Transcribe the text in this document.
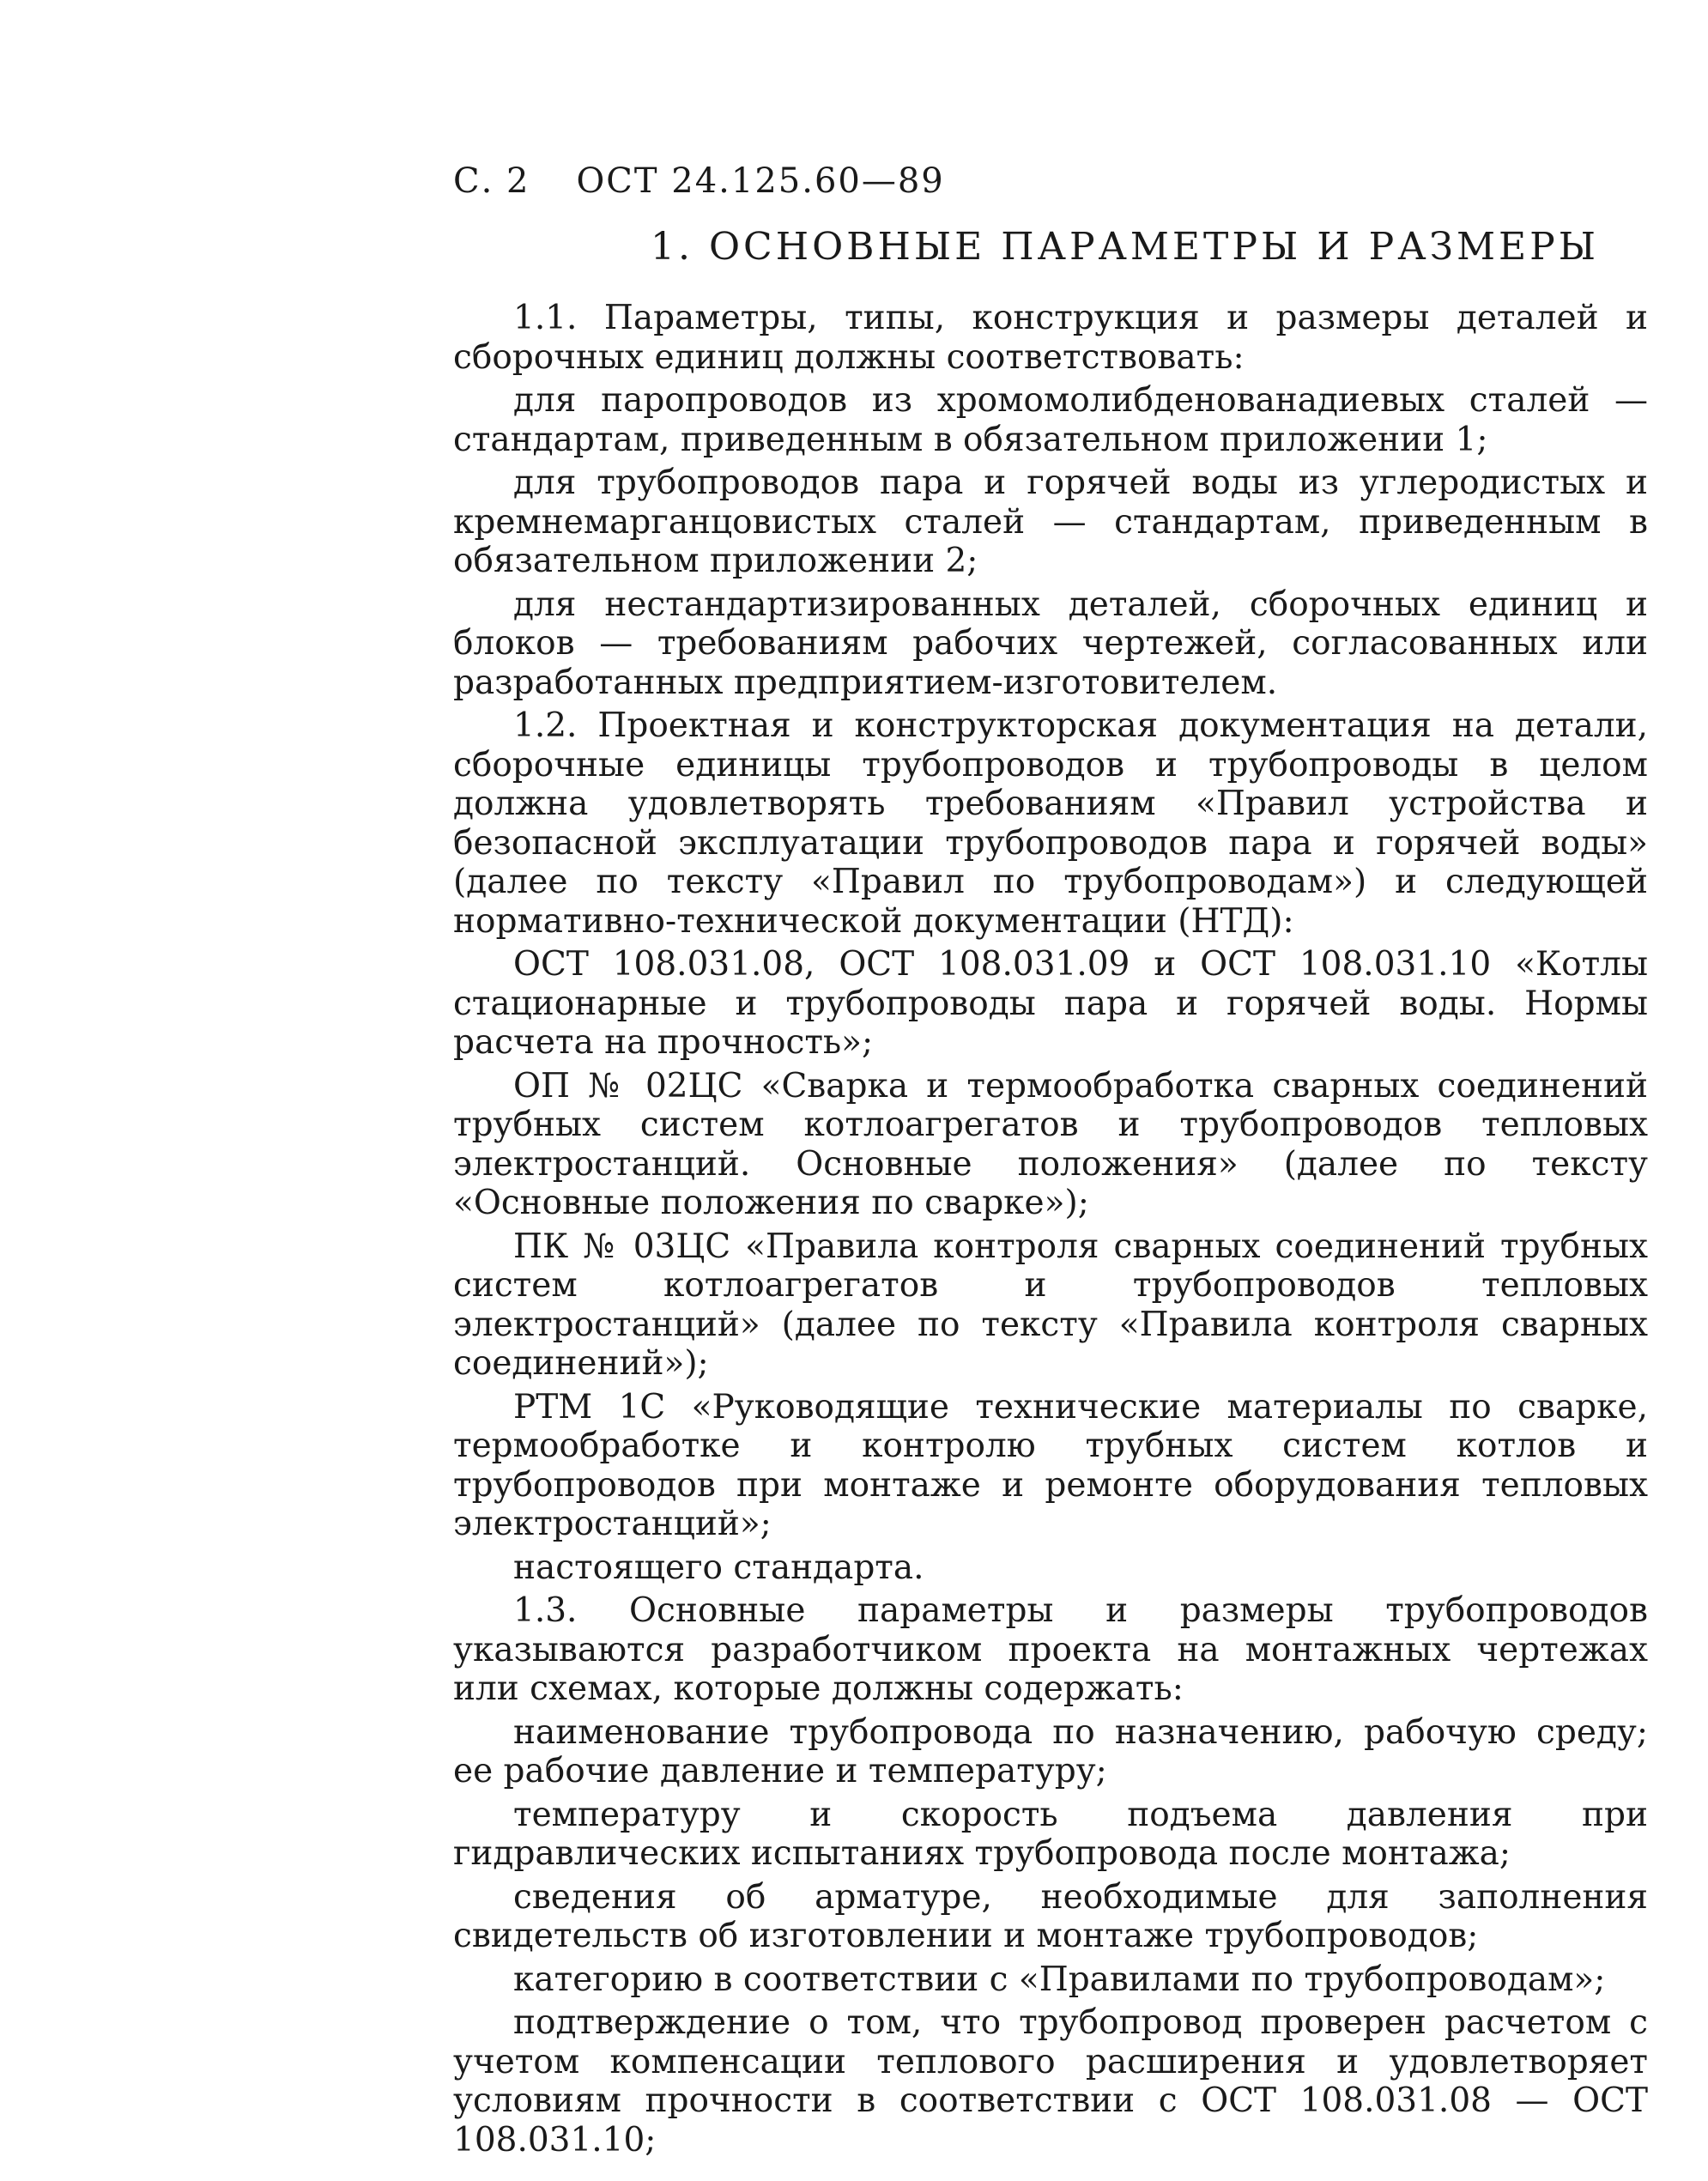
С. 2 ОСТ 24.125.60—89
1. ОСНОВНЫЕ ПАРАМЕТРЫ И РАЗМЕРЫ

1.1. Параметры, типы, конструкция и размеры деталей и сборочных единиц должны соответствовать:

для паропроводов из хромомолибденованадиевых сталей — стандартам, приведенным в обязательном приложении 1;

для трубопроводов пара и горячей воды из углеродистых и кремнемарганцовистых сталей — стандартам, приведенным в обязательном приложении 2;

для нестандартизированных деталей, сборочных единиц и блоков — требованиям рабочих чертежей, согласованных или разработанных предприятием-изготовителем.

1.2. Проектная и конструкторская документация на детали, сборочные единицы трубопроводов и трубопроводы в целом должна удовлетворять требованиям «Правил устройства и безопасной эксплуатации трубопроводов пара и горячей воды» (далее по тексту «Правил по трубопроводам») и следующей нормативно-технической документации (НТД):

ОСТ 108.031.08, ОСТ 108.031.09 и ОСТ 108.031.10 «Котлы стационарные и трубопроводы пара и горячей воды. Нормы расчета на прочность»;

ОП № 02ЦС «Сварка и термообработка сварных соединений трубных систем котлоагрегатов и трубопроводов тепловых электростанций. Основные положения» (далее по тексту «Основные положения по сварке»);

ПК № 03ЦС «Правила контроля сварных соединений трубных систем котлоагрегатов и трубопроводов тепловых электростанций» (далее по тексту «Правила контроля сварных соединений»);

РТМ 1С «Руководящие технические материалы по сварке, термообработке и контролю трубных систем котлов и трубопроводов при монтаже и ремонте оборудования тепловых электростанций»;

настоящего стандарта.

1.3. Основные параметры и размеры трубопроводов указываются разработчиком проекта на монтажных чертежах или схемах, которые должны содержать:

наименование трубопровода по назначению, рабочую среду; ее рабочие давление и температуру;

температуру и скорость подъема давления при гидравлических испытаниях трубопровода после монтажа;

сведения об арматуре, необходимые для заполнения свидетельств об изготовлении и монтаже трубопроводов;

категорию в соответствии с «Правилами по трубопроводам»;

подтверждение о том, что трубопровод проверен расчетом с учетом компенсации теплового расширения и удовлетворяет условиям прочности в соответствии с ОСТ 108.031.08 — ОСТ 108.031.10;
